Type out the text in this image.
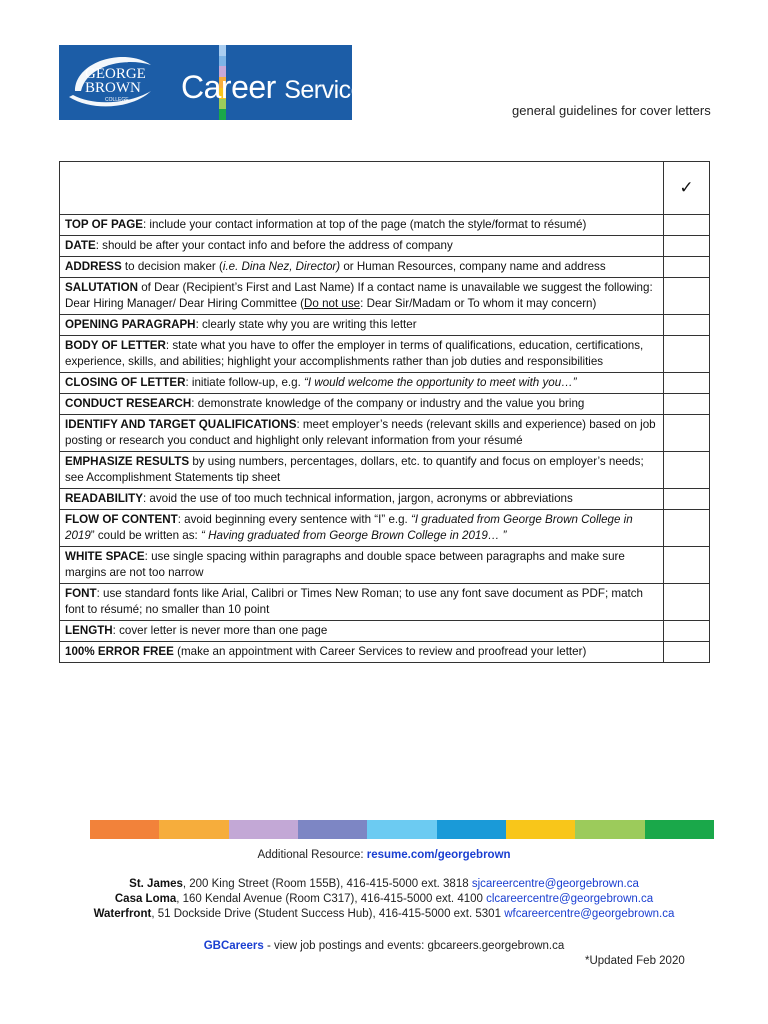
GEORGE
BROWN
COLLEGE Career Services
general guidelines for cover letters
	✓
TOP OF PAGE: include your contact information at top of the page (match the style/format to résumé)	
DATE: should be after your contact info and before the address of company	
ADDRESS to decision maker (i.e. Dina Nez, Director) or Human Resources, company name and address	
SALUTATION of Dear (Recipient’s First and Last Name) If a contact name is unavailable we suggest the following: Dear Hiring Manager/ Dear Hiring Committee (Do not use: Dear Sir/Madam or To whom it may concern)	
OPENING PARAGRAPH: clearly state why you are writing this letter	
BODY OF LETTER: state what you have to offer the employer in terms of qualifications, education, certifications, experience, skills, and abilities; highlight your accomplishments rather than job duties and responsibilities	
CLOSING OF LETTER: initiate follow-up, e.g. “I would welcome the opportunity to meet with you…”	
CONDUCT RESEARCH: demonstrate knowledge of the company or industry and the value you bring	
IDENTIFY AND TARGET QUALIFICATIONS: meet employer’s needs (relevant skills and experience) based on job posting or research you conduct and highlight only relevant information from your résumé	
EMPHASIZE RESULTS by using numbers, percentages, dollars, etc. to quantify and focus on employer’s needs; see Accomplishment Statements tip sheet	
READABILITY: avoid the use of too much technical information, jargon, acronyms or abbreviations	
FLOW OF CONTENT: avoid beginning every sentence with “I” e.g. “I graduated from George Brown College in 2019” could be written as: “ Having graduated from George Brown College in 2019… ”	
WHITE SPACE: use single spacing within paragraphs and double space between paragraphs and make sure margins are not too narrow	
FONT: use standard fonts like Arial, Calibri or Times New Roman; to use any font save document as PDF; match font to résumé; no smaller than 10 point	
LENGTH: cover letter is never more than one page	
100% ERROR FREE (make an appointment with Career Services to review and proofread your letter)	
Additional Resource: resume.com/georgebrown
St. James, 200 King Street (Room 155B), 416-415-5000 ext. 3818 sjcareercentre@georgebrown.ca
Casa Loma, 160 Kendal Avenue (Room C317), 416-415-5000 ext. 4100 clcareercentre@georgebrown.ca
Waterfront, 51 Dockside Drive (Student Success Hub), 416-415-5000 ext. 5301 wfcareercentre@georgebrown.ca
GBCareers - view job postings and events: gbcareers.georgebrown.ca
*Updated Feb 2020
